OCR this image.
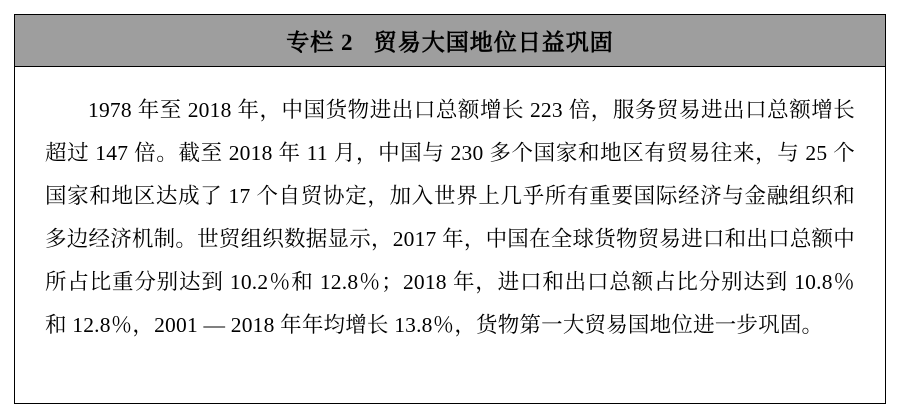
专栏 2   贸易大国地位日益巩固

1978 年至 2018 年，中国货物进出口总额增长 223 倍，服务贸易进出口总额增长超过 147 倍。截至 2018 年 11 月，中国与 230 多个国家和地区有贸易往来，与 25 个国家和地区达成了 17 个自贸协定，加入世界上几乎所有重要国际经济与金融组织和多边经济机制。世贸组织数据显示，2017 年，中国在全球货物贸易进口和出口总额中所占比重分别达到 10.2％和 12.8％；2018 年，进口和出口总额占比分别达到 10.8％和 12.8％，2001 — 2018 年年均增长 13.8％，货物第一大贸易国地位进一步巩固。
